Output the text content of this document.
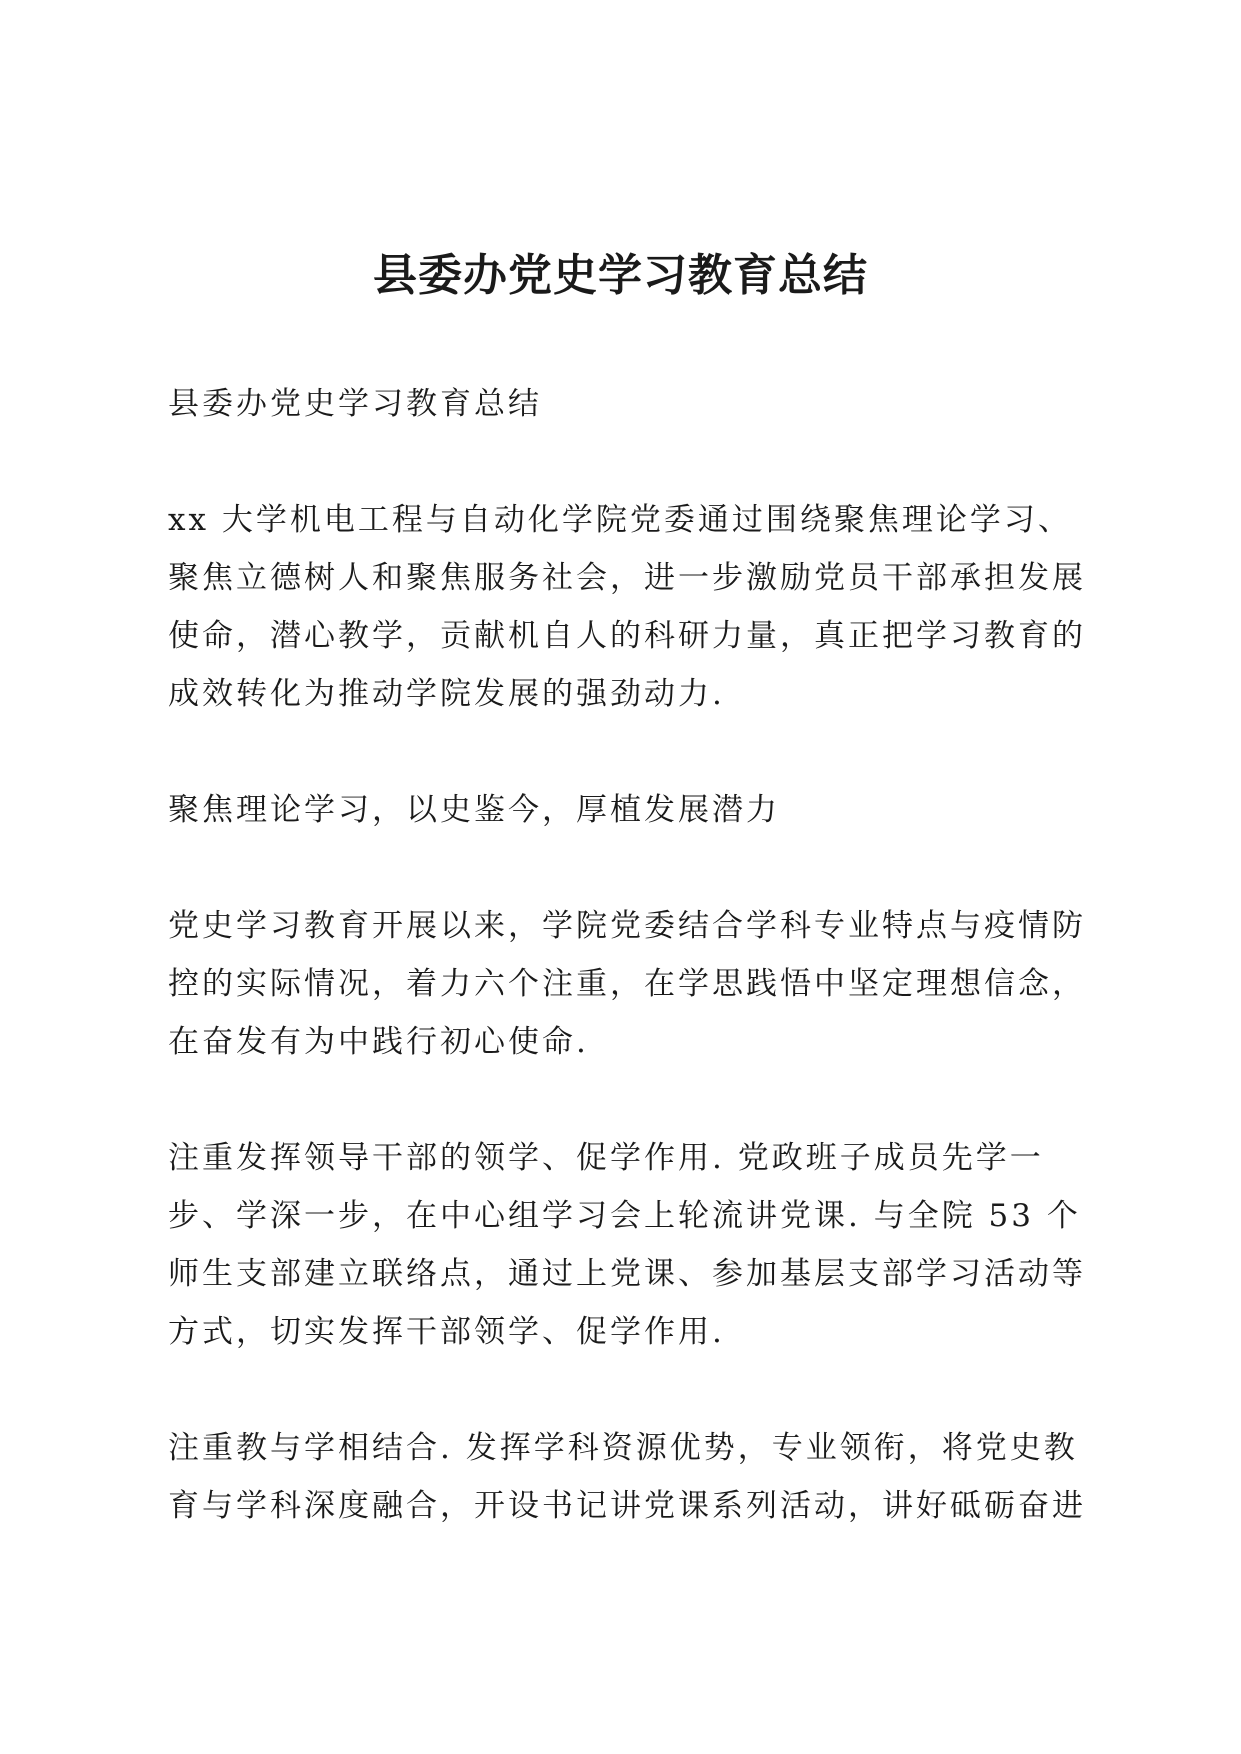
县委办党史学习教育总结

县委办党史学习教育总结

xx 大学机电工程与自动化学院党委通过围绕聚焦理论学习、聚焦立德树人和聚焦服务社会，进一步激励党员干部承担发展使命，潜心教学，贡献机自人的科研力量，真正把学习教育的成效转化为推动学院发展的强劲动力.

聚焦理论学习，以史鉴今，厚植发展潜力

党史学习教育开展以来，学院党委结合学科专业特点与疫情防控的实际情况，着力六个注重，在学思践悟中坚定理想信念，在奋发有为中践行初心使命.

注重发挥领导干部的领学、促学作用. 党政班子成员先学一步、学深一步，在中心组学习会上轮流讲党课. 与全院 53 个师生支部建立联络点，通过上党课、参加基层支部学习活动等方式，切实发挥干部领学、促学作用.

注重教与学相结合. 发挥学科资源优势，专业领衔，将党史教育与学科深度融合，开设书记讲党课系列活动，讲好砥砺奋进
